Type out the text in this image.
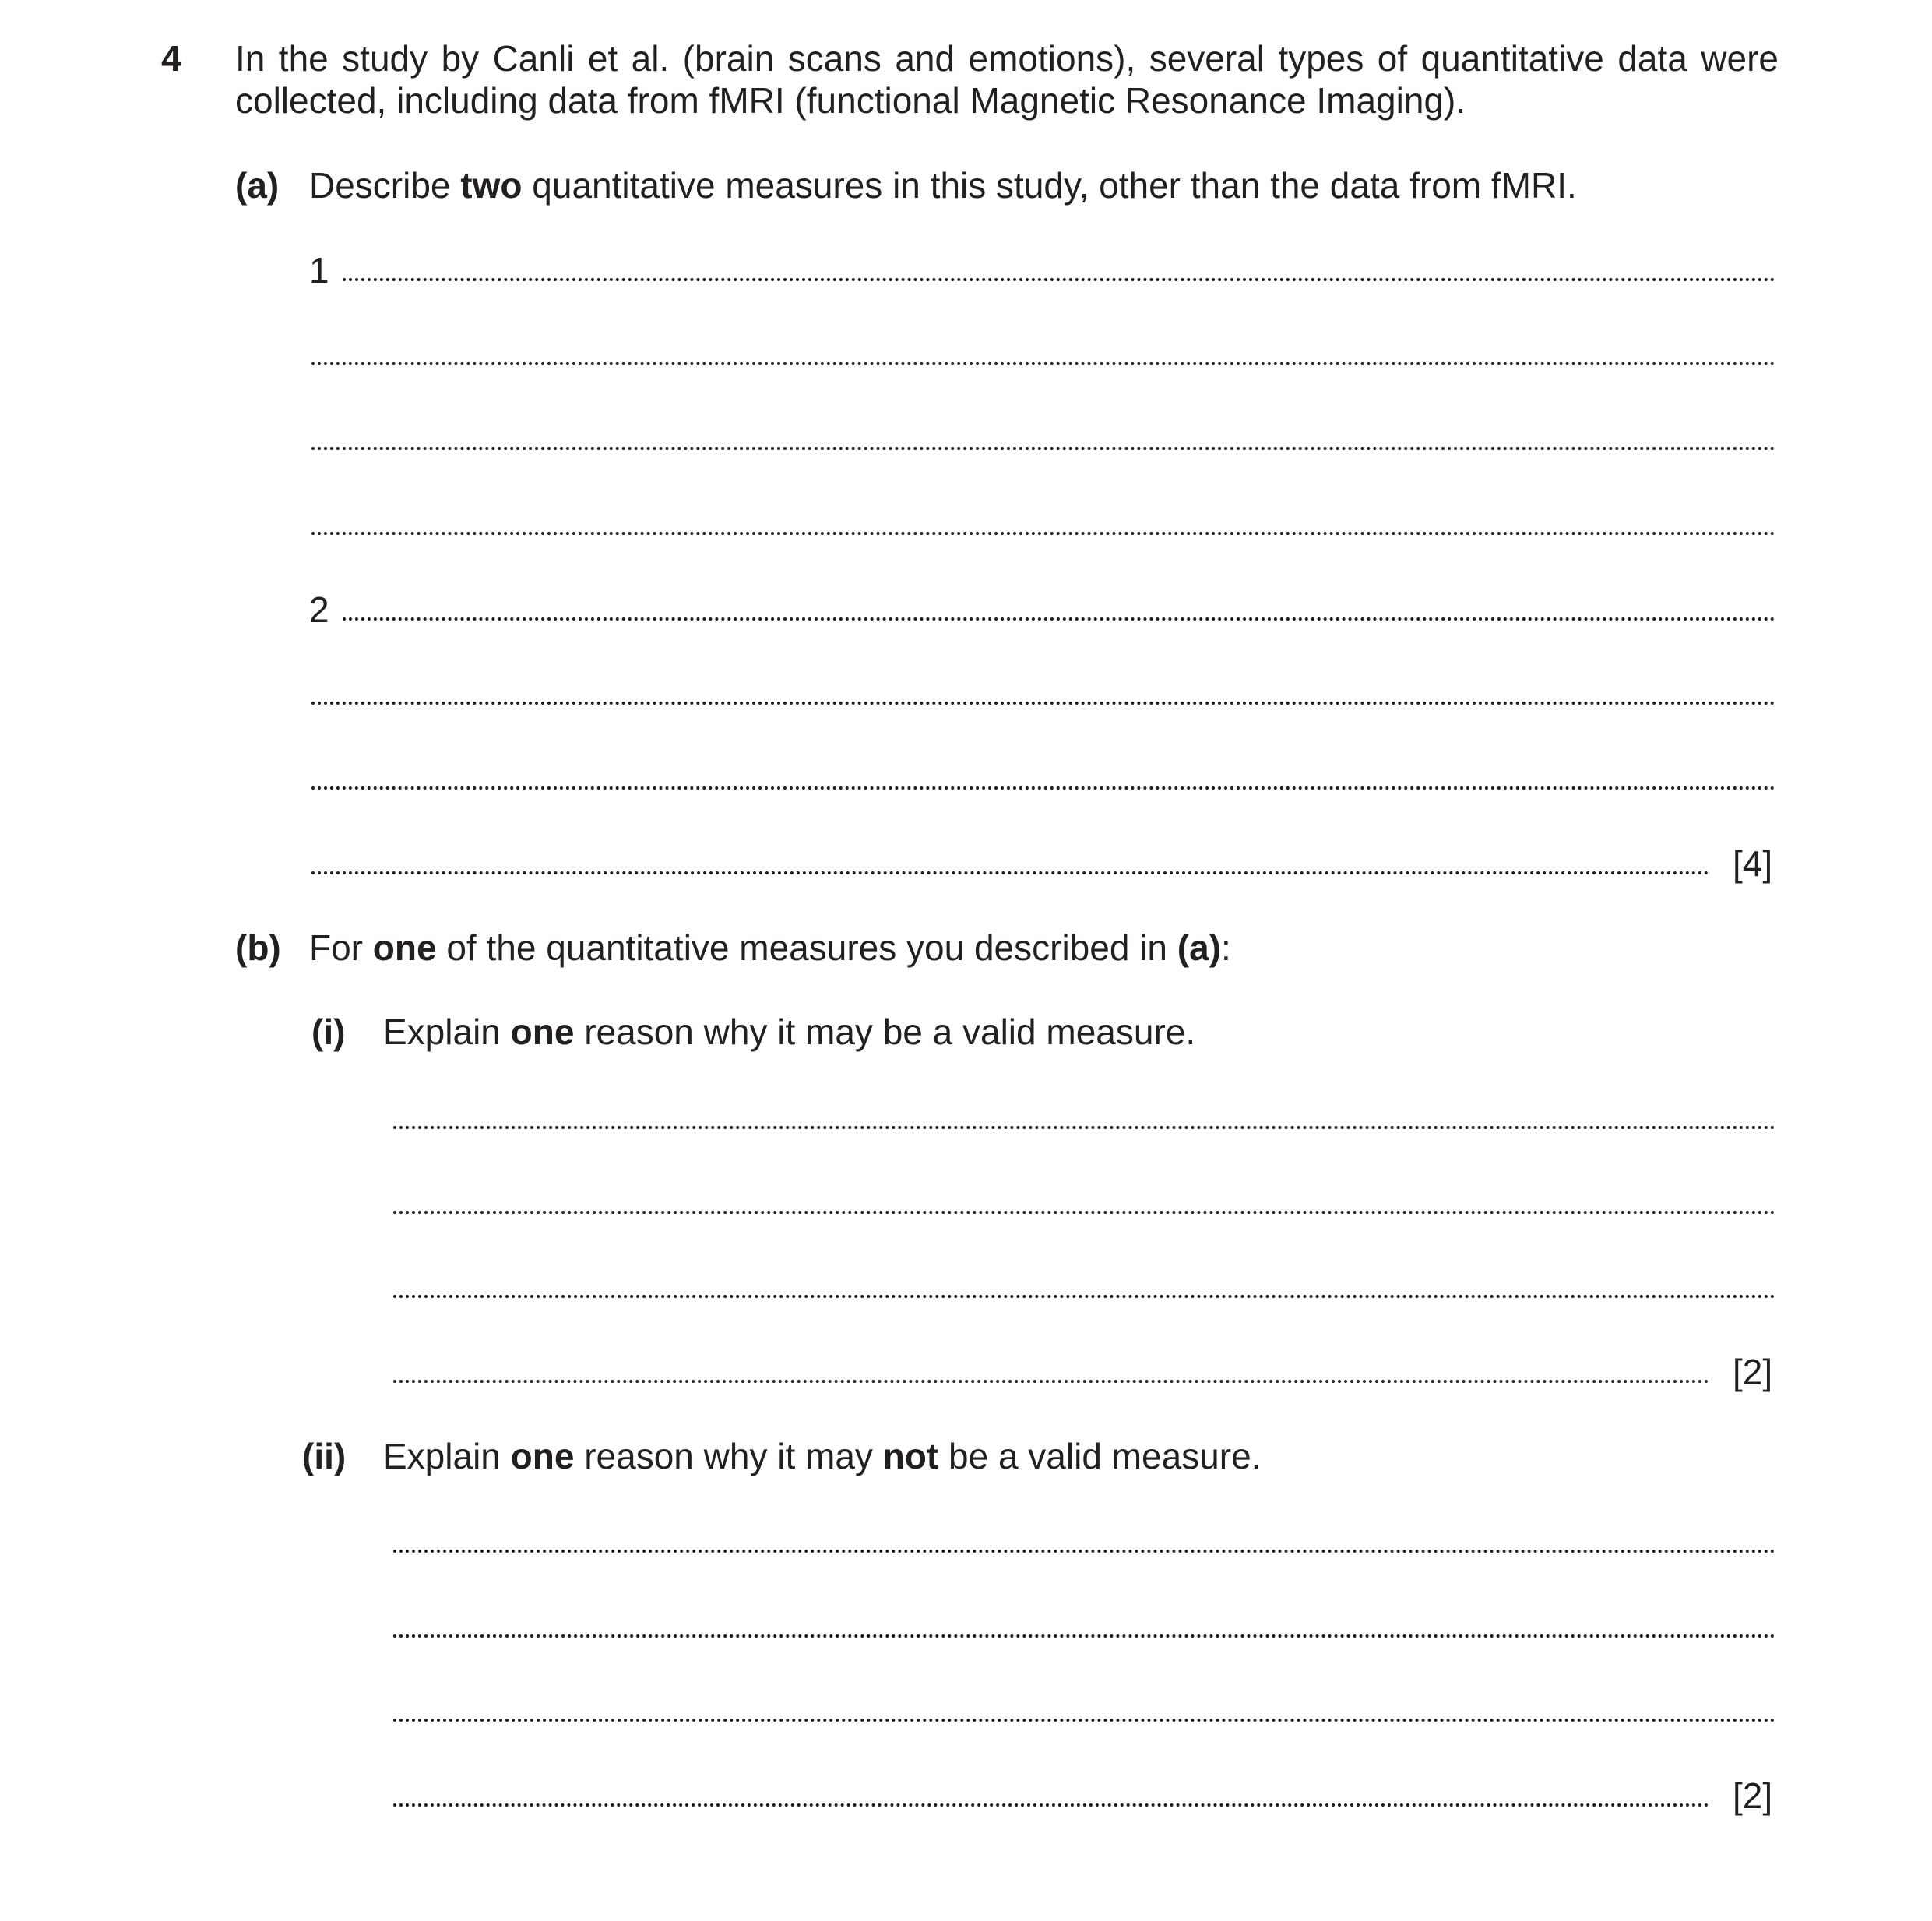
4 In the study by Canli et al. (brain scans and emotions), several types of quantitative data were
collected, including data from fMRI (functional Magnetic Resonance Imaging).
(a) Describe two quantitative measures in this study, other than the data from fMRI.
1
2
[4]
(b) For one of the quantitative measures you described in (a):
(i) Explain one reason why it may be a valid measure.
[2]
(ii) Explain one reason why it may not be a valid measure.
[2]
